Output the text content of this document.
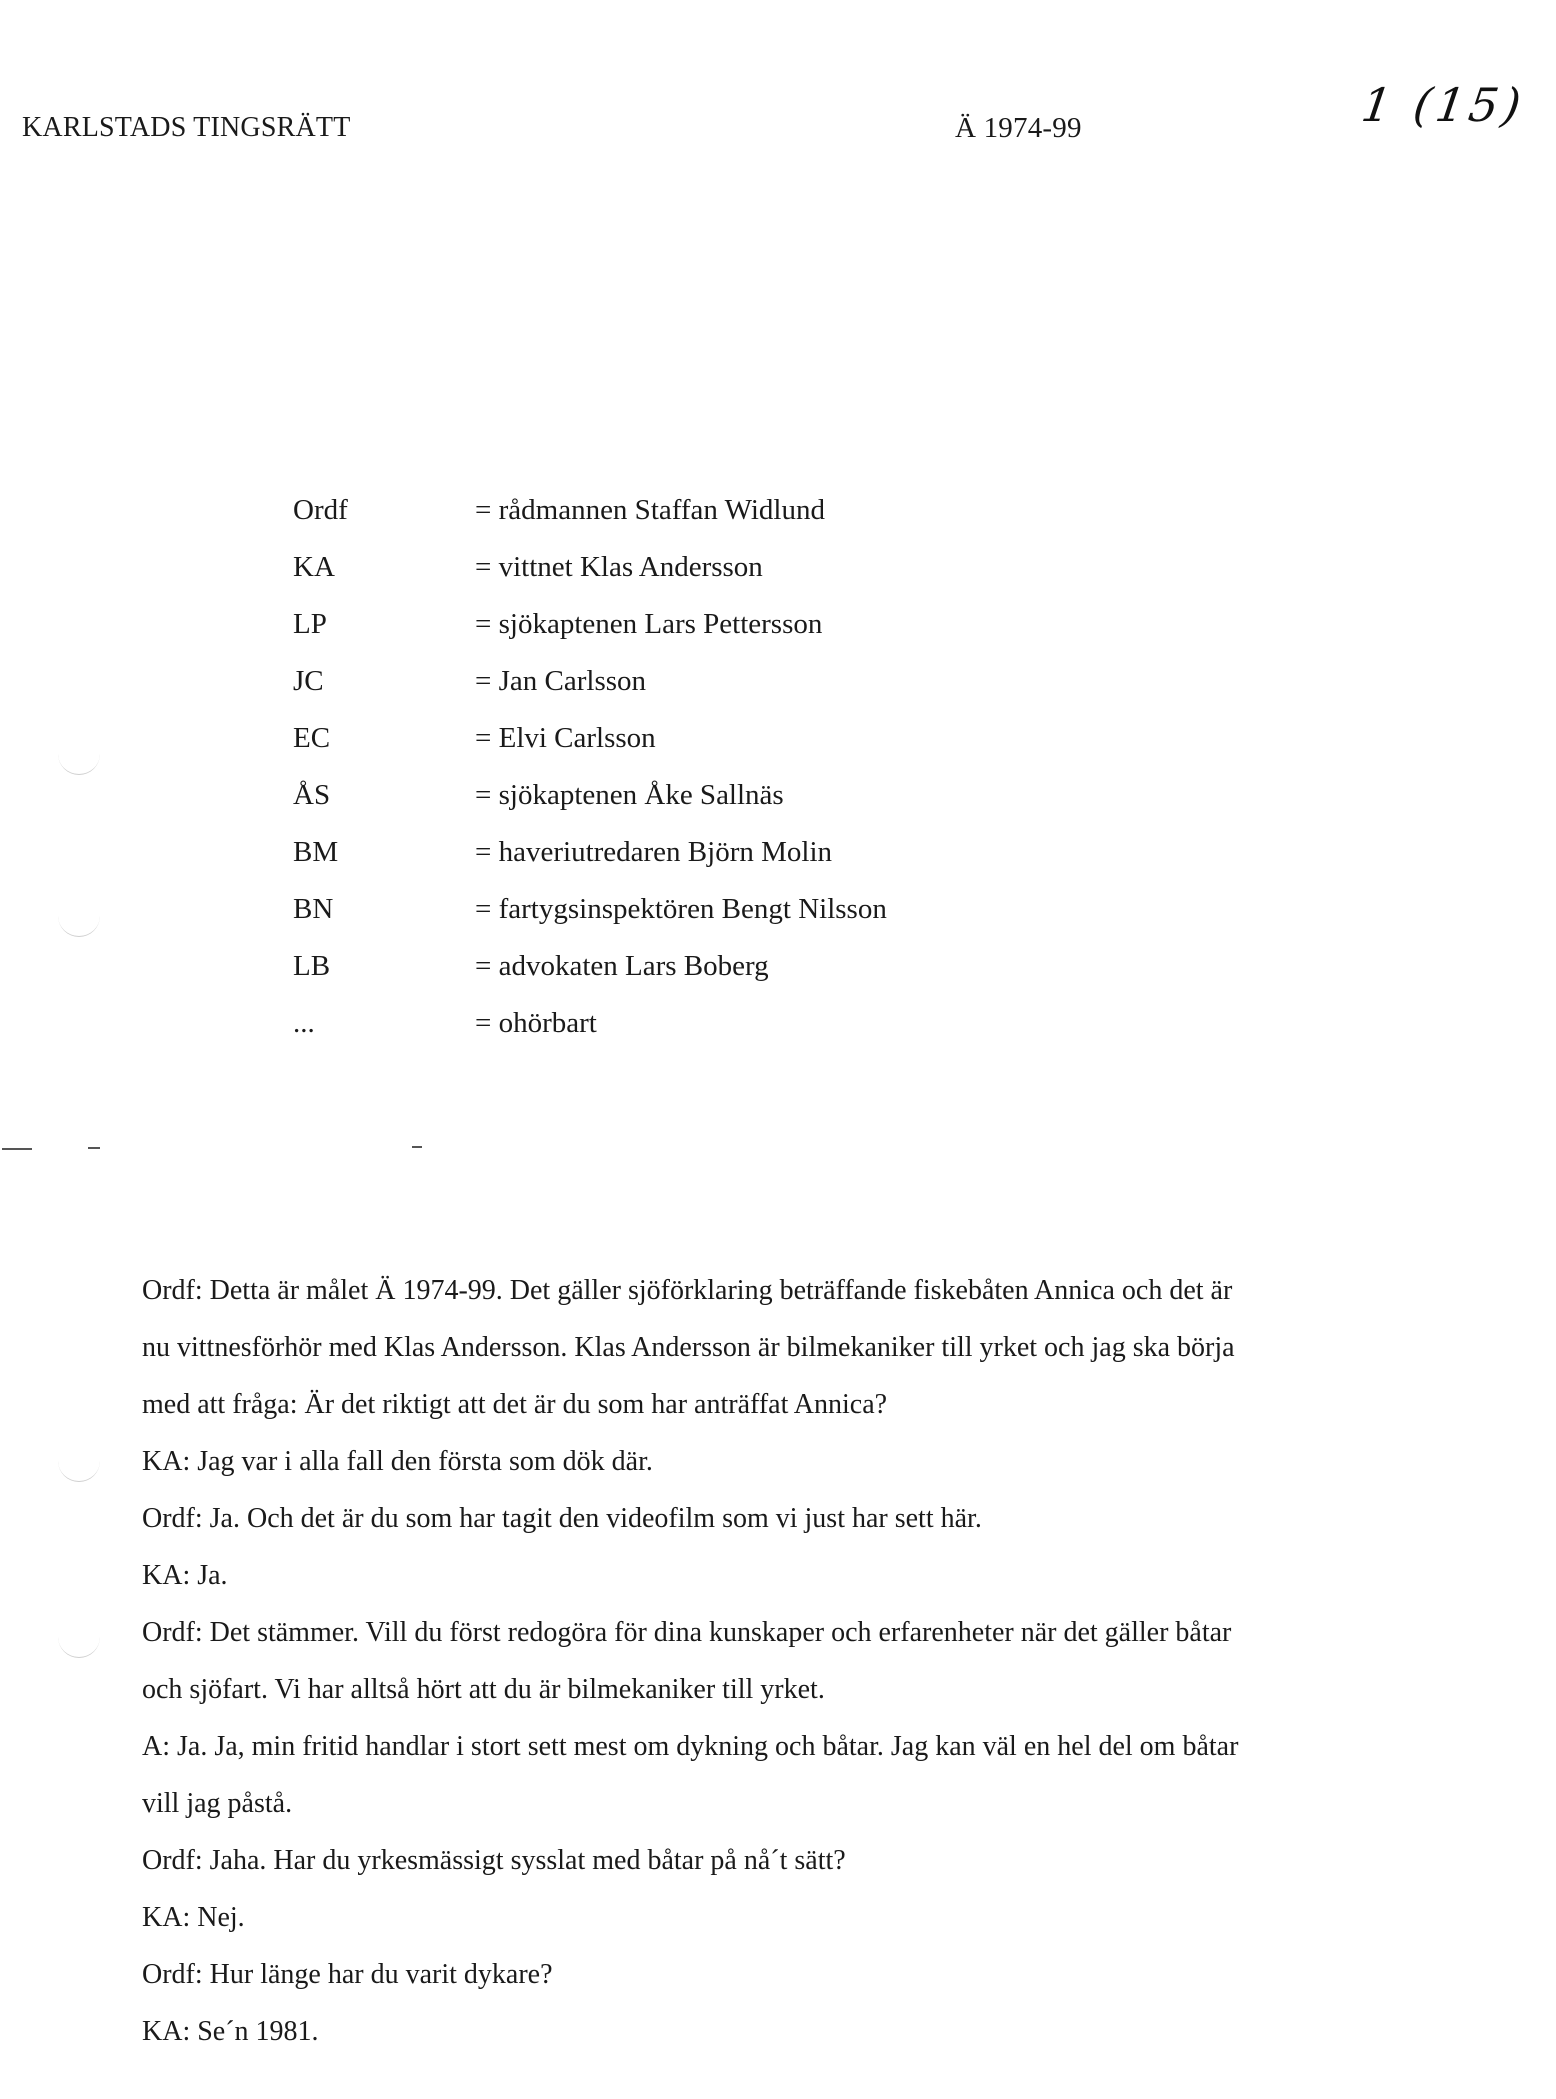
KARLSTADS TINGSRÄTT	Ä 1974-99	1 (15)
Ordf	= rådmannen Staffan Widlund
KA	= vittnet Klas Andersson
LP	= sjökaptenen Lars Pettersson
JC	= Jan Carlsson
EC	= Elvi Carlsson
ÅS	= sjökaptenen Åke Sallnäs
BM	= haveriutredaren Björn Molin
BN	= fartygsinspektören Bengt Nilsson
LB	= advokaten Lars Boberg
...	= ohörbart
Ordf: Detta är målet Ä 1974-99. Det gäller sjöförklaring beträffande fiskebåten Annica och det är
nu vittnesförhör med Klas Andersson. Klas Andersson är bilmekaniker till yrket och jag ska börja
med att fråga: Är det riktigt att det är du som har anträffat Annica?
KA: Jag var i alla fall den första som dök där.
Ordf: Ja. Och det är du som har tagit den videofilm som vi just har sett här.
KA: Ja.
Ordf: Det stämmer. Vill du först redogöra för dina kunskaper och erfarenheter när det gäller båtar
och sjöfart. Vi har alltså hört att du är bilmekaniker till yrket.
A: Ja. Ja, min fritid handlar i stort sett mest om dykning och båtar. Jag kan väl en hel del om båtar
vill jag påstå.
Ordf: Jaha. Har du yrkesmässigt sysslat med båtar på nå´t sätt?
KA: Nej.
Ordf: Hur länge har du varit dykare?
KA: Se´n 1981.
